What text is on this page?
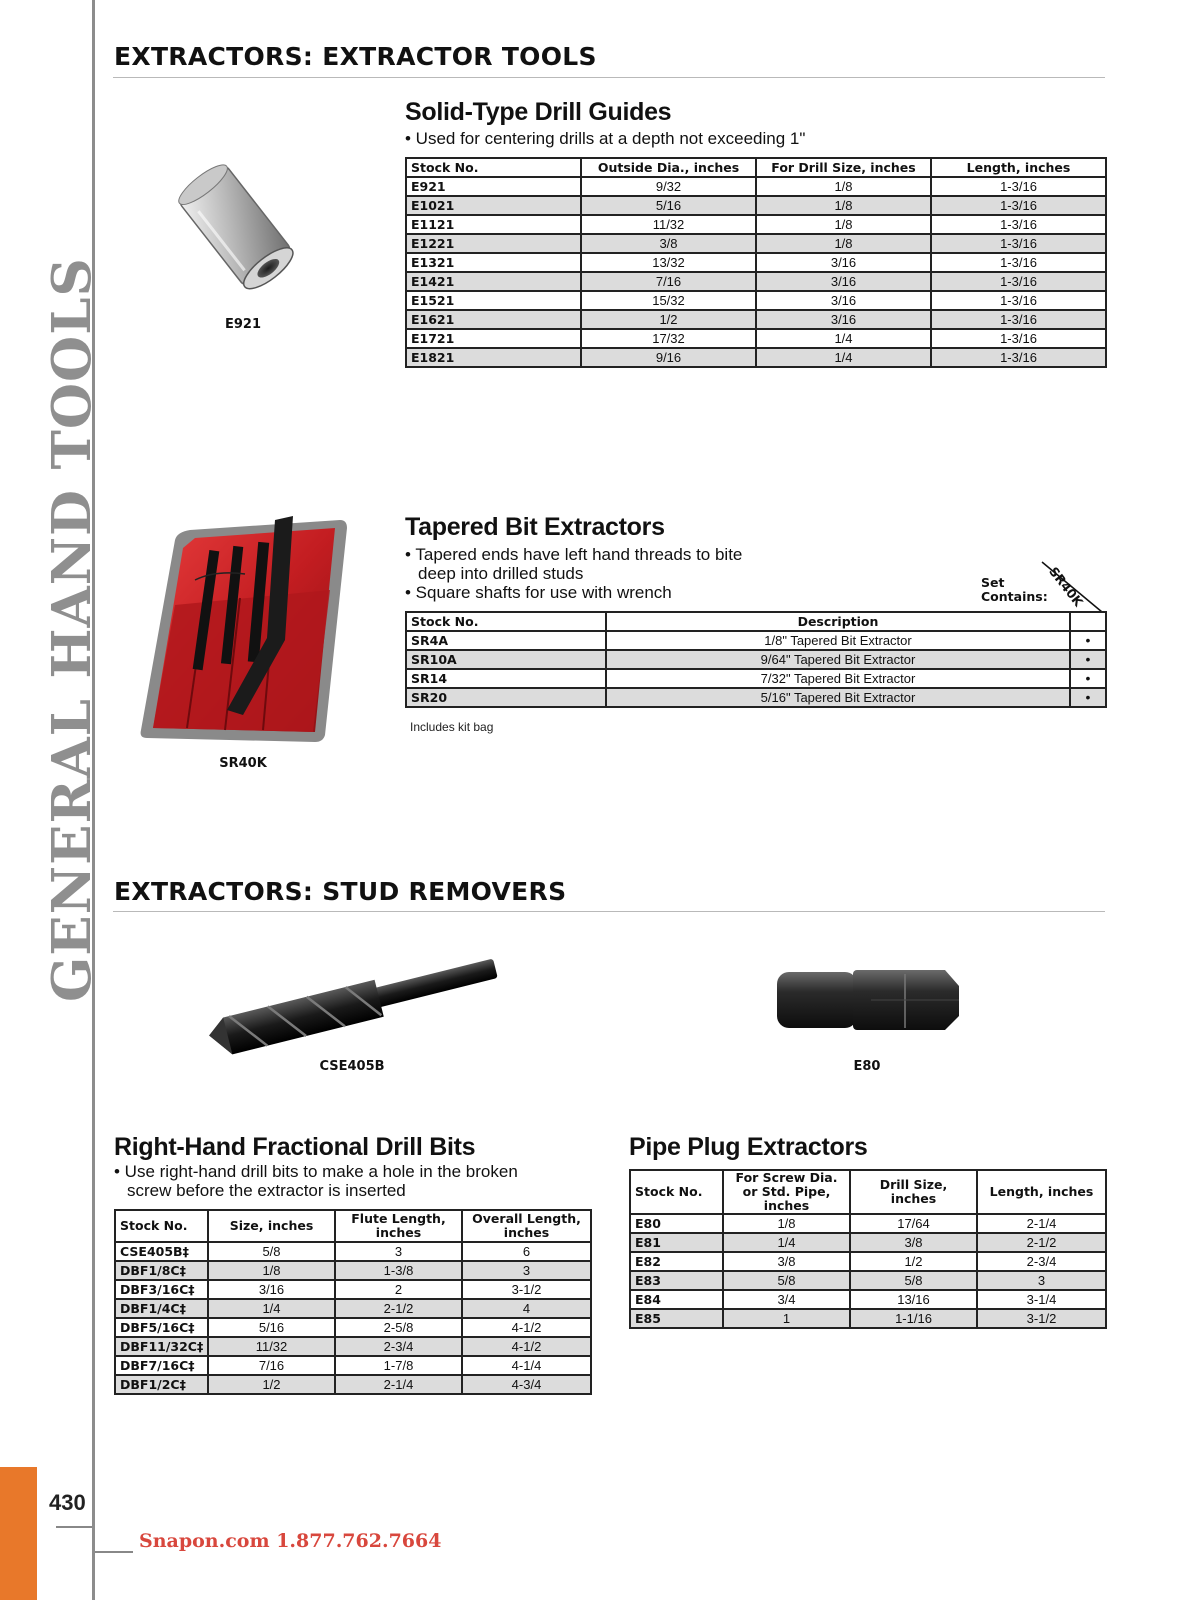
GENERAL HAND TOOLS
430
Snapon.com 1.877.762.7664
EXTRACTORS: EXTRACTOR TOOLS
E921
Solid-Type Drill Guides
• Used for centering drills at a depth not exceeding 1"
Stock No.	Outside Dia., inches	For Drill Size, inches	Length, inches
E921	9/32	1/8	1-3/16
E1021	5/16	1/8	1-3/16
E1121	11/32	1/8	1-3/16
E1221	3/8	1/8	1-3/16
E1321	13/32	3/16	1-3/16
E1421	7/16	3/16	1-3/16
E1521	15/32	3/16	1-3/16
E1621	1/2	3/16	1-3/16
E1721	17/32	1/4	1-3/16
E1821	9/16	1/4	1-3/16
SR40K
Tapered Bit Extractors
• Tapered ends have left hand threads to bite
deep into drilled studs
• Square shafts for use with wrench
Set
Contains:
SR40K
Stock No.	Description	
SR4A	1/8" Tapered Bit Extractor	•
SR10A	9/64" Tapered Bit Extractor	•
SR14	7/32" Tapered Bit Extractor	•
SR20	5/16" Tapered Bit Extractor	•
Includes kit bag
EXTRACTORS: STUD REMOVERS
CSE405B	E80
Right-Hand Fractional Drill Bits
• Use right-hand drill bits to make a hole in the broken
screw before the extractor is inserted
Stock No.	Size, inches	Flute Length, inches	Overall Length, inches
CSE405B‡	5/8	3	6
DBF1/8C‡	1/8	1-3/8	3
DBF3/16C‡	3/16	2	3-1/2
DBF1/4C‡	1/4	2-1/2	4
DBF5/16C‡	5/16	2-5/8	4-1/2
DBF11/32C‡	11/32	2-3/4	4-1/2
DBF7/16C‡	7/16	1-7/8	4-1/4
DBF1/2C‡	1/2	2-1/4	4-3/4
Pipe Plug Extractors
Stock No.	For Screw Dia. or Std. Pipe, inches	Drill Size, inches	Length, inches
E80	1/8	17/64	2-1/4
E81	1/4	3/8	2-1/2
E82	3/8	1/2	2-3/4
E83	5/8	5/8	3
E84	3/4	13/16	3-1/4
E85	1	1-1/16	3-1/2
